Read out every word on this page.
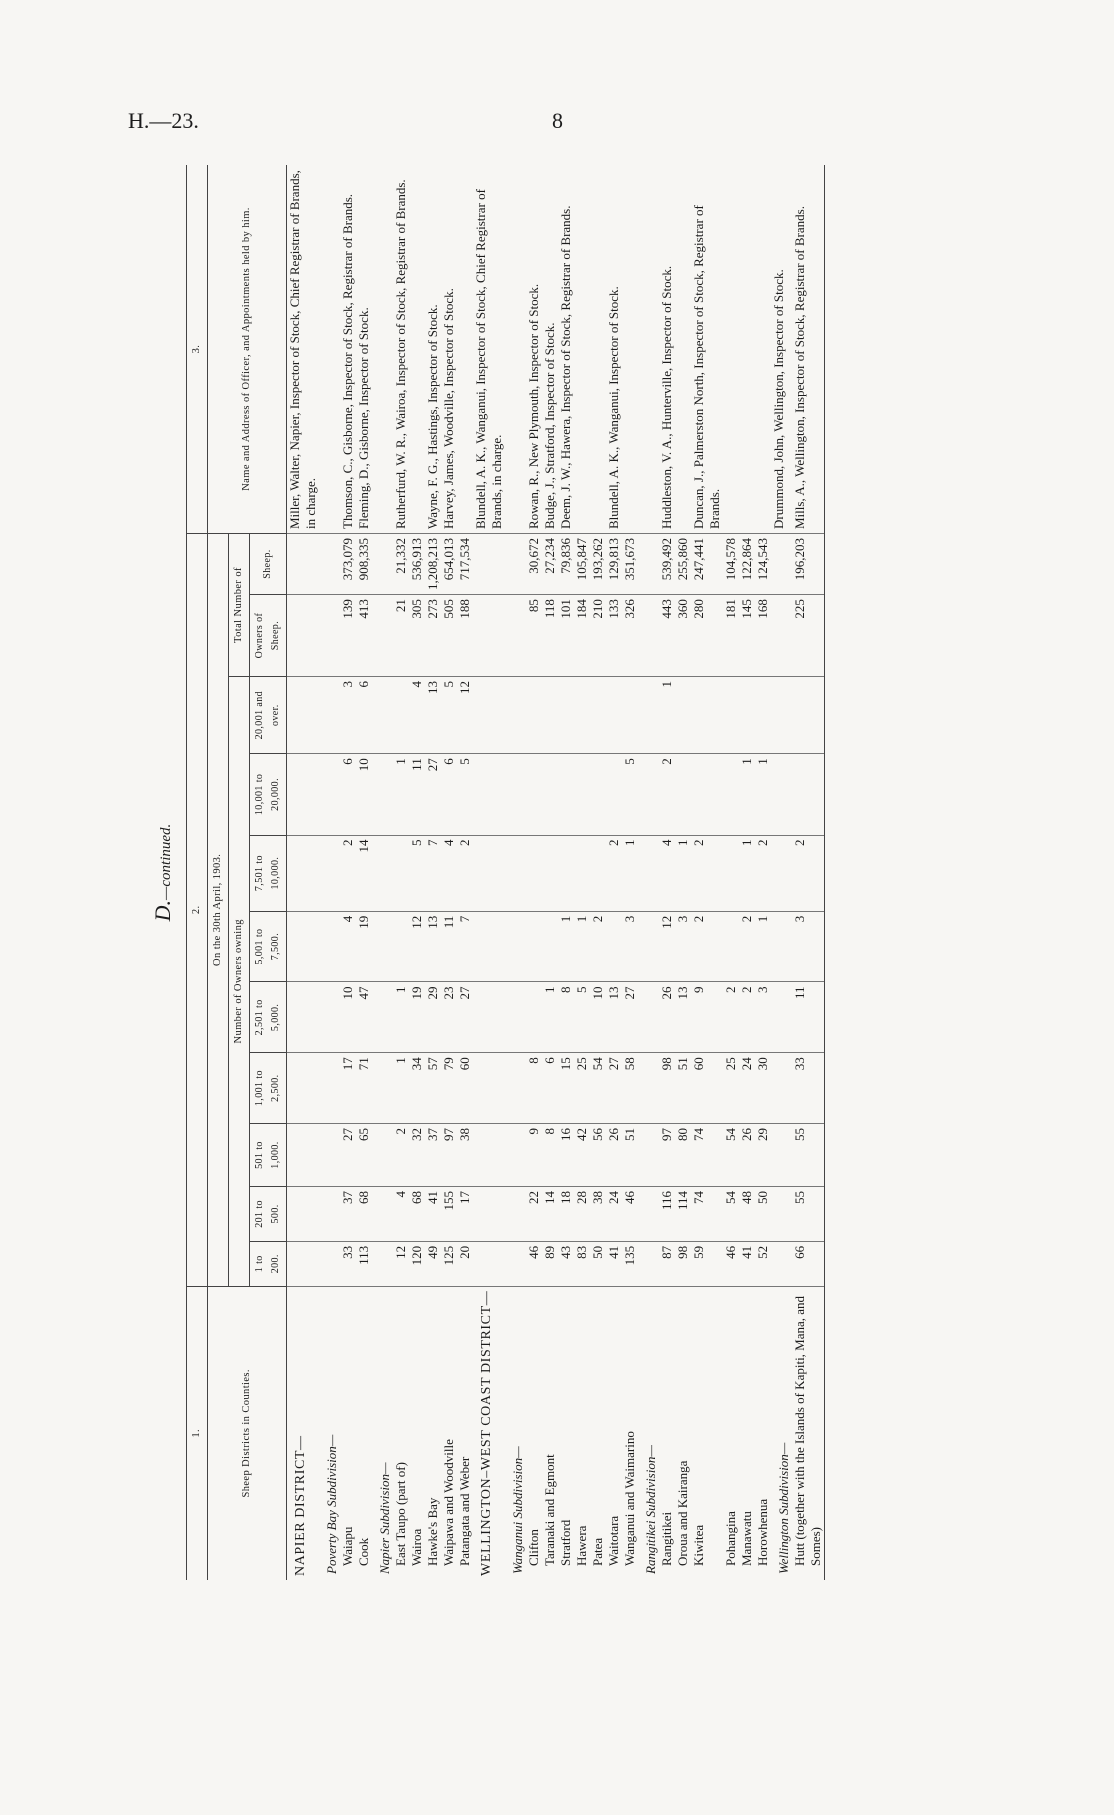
H.—23.	8
D.—continued.
1.	2.											3.
Sheep Districts in Counties.	On the 30th April, 1903.											Name and Address of Officer, and Appointments held by him.
	Number of Owners owning									Total Number of		
	1 to 200.	201 to 500.	501 to 1,000.	1,001 to 2,500.	2,501 to 5,000.	5,001 to 7,500.	7,501 to 10,000.	10,001 to 20,000.	20,001 and over.	Owners of Sheep.	Sheep.	
NAPIER DISTRICT—												Miller, Walter, Napier, Inspector of Stock, Chief Registrar of Brands, in charge.
Poverty Bay Subdivision—												
Waiapu	33	37	27	17	10	4	2	6	3	139	373,079	Thomson, C., Gisborne, Inspector of Stock, Registrar of Brands.
Cook	113	68	65	71	47	19	14	10	6	413	908,335	Fleming, D., Gisborne, Inspector of Stock.
Napier Subdivision—												
East Taupo (part of)	12	4	2	1	1			1		21	21,332	Rutherfurd, W. R., Wairoa, Inspector of Stock, Registrar of Brands.
Wairoa	120	68	32	34	19	12	5	11	4	305	536,913	
Hawke's Bay	49	41	37	57	29	13	7	27	13	273	1,208,213	Wayne, F. G., Hastings, Inspector of Stock.
Waipawa and Woodville	125	155	97	79	23	11	4	6	5	505	654,013	Harvey, James, Woodville, Inspector of Stock.
Patangata and Weber	20	17	38	60	27	7	2	5	12	188	717,534	
WELLINGTON–WEST COAST DISTRICT—												Blundell, A. K., Wanganui, Inspector of Stock, Chief Registrar of Brands, in charge.
Wanganui Subdivision—												
Clifton	46	22	9	8						85	30,672	Rowan, R., New Plymouth, Inspector of Stock.
Taranaki and Egmont	89	14	8	6	1					118	27,234	Budge, J., Stratford, Inspector of Stock.
Stratford	43	18	16	15	8	1				101	79,836	Deem, J. W., Hawera, Inspector of Stock, Registrar of Brands.
Hawera	83	28	42	25	5	1				184	105,847	
Patea	50	38	56	54	10	2				210	193,262	
Waitotara	41	24	26	27	13		2			133	129,813	Blundell, A. K., Wanganui, Inspector of Stock.
Wanganui and Waimarino	135	46	51	58	27	3	1	5		326	351,673	
Rangitikei Subdivision—												
Rangitikei	87	116	97	98	26	12	4	2	1	443	539,492	Huddleston, V. A., Hunterville, Inspector of Stock.
Oroua and Kairanga	98	114	80	51	13	3	1			360	255,860	
Kiwitea	59	74	74	60	9	2	2			280	247,441	Duncan, J., Palmerston North, Inspector of Stock, Registrar of Brands.
Pohangina	46	54	54	25	2					181	104,578	
Manawatu	41	48	26	24	2	2	1	1		145	122,864	
Horowhenua	52	50	29	30	3	1	2	1		168	124,543	
Wellington Subdivision—												Drummond, John, Wellington, Inspector of Stock.
Hutt (together with the Islands of Kapiti, Mana, and Somes)	66	55	55	33	11	3	2			225	196,203	Mills, A., Wellington, Inspector of Stock, Registrar of Brands.
